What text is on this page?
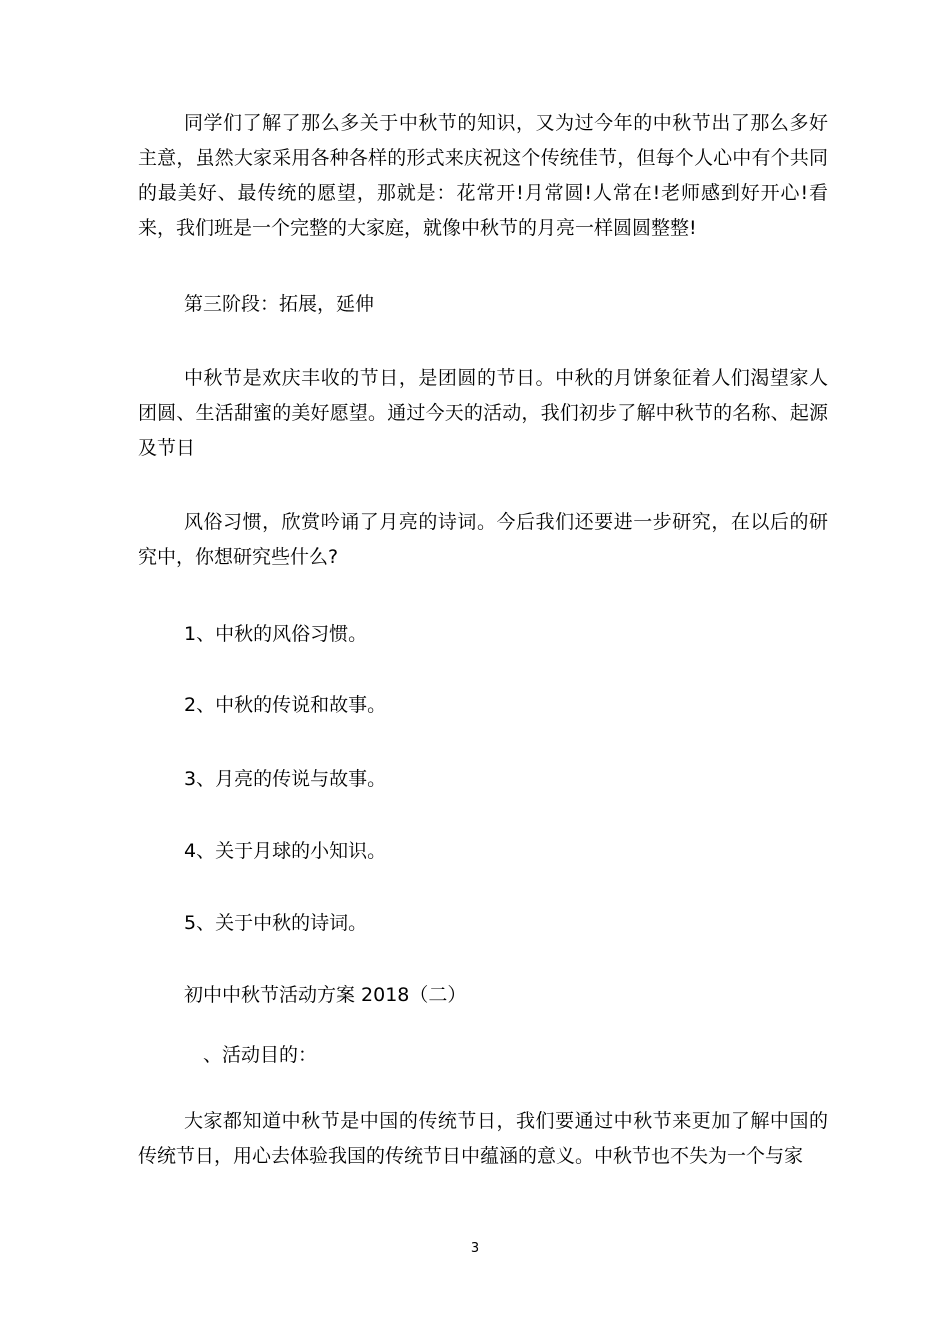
同学们了解了那么多关于中秋节的知识，又为过今年的中秋节出了那么多好主意，虽然大家采用各种各样的形式来庆祝这个传统佳节，但每个人心中有个共同的最美好、最传统的愿望，那就是：花常开!月常圆!人常在!老师感到好开心!看来，我们班是一个完整的大家庭，就像中秋节的月亮一样圆圆整整!

第三阶段：拓展，延伸

中秋节是欢庆丰收的节日，是团圆的节日。中秋的月饼象征着人们渴望家人团圆、生活甜蜜的美好愿望。通过今天的活动，我们初步了解中秋节的名称、起源及节日

风俗习惯，欣赏吟诵了月亮的诗词。今后我们还要进一步研究，在以后的研究中，你想研究些什么?

1、中秋的风俗习惯。
2、中秋的传说和故事。
3、月亮的传说与故事。
4、关于月球的小知识。
5、关于中秋的诗词。
初中中秋节活动方案 2018（二）
、活动目的：

大家都知道中秋节是中国的传统节日，我们要通过中秋节来更加了解中国的传统节日，用心去体验我国的传统节日中蕴涵的意义。中秋节也不失为一个与家

3
